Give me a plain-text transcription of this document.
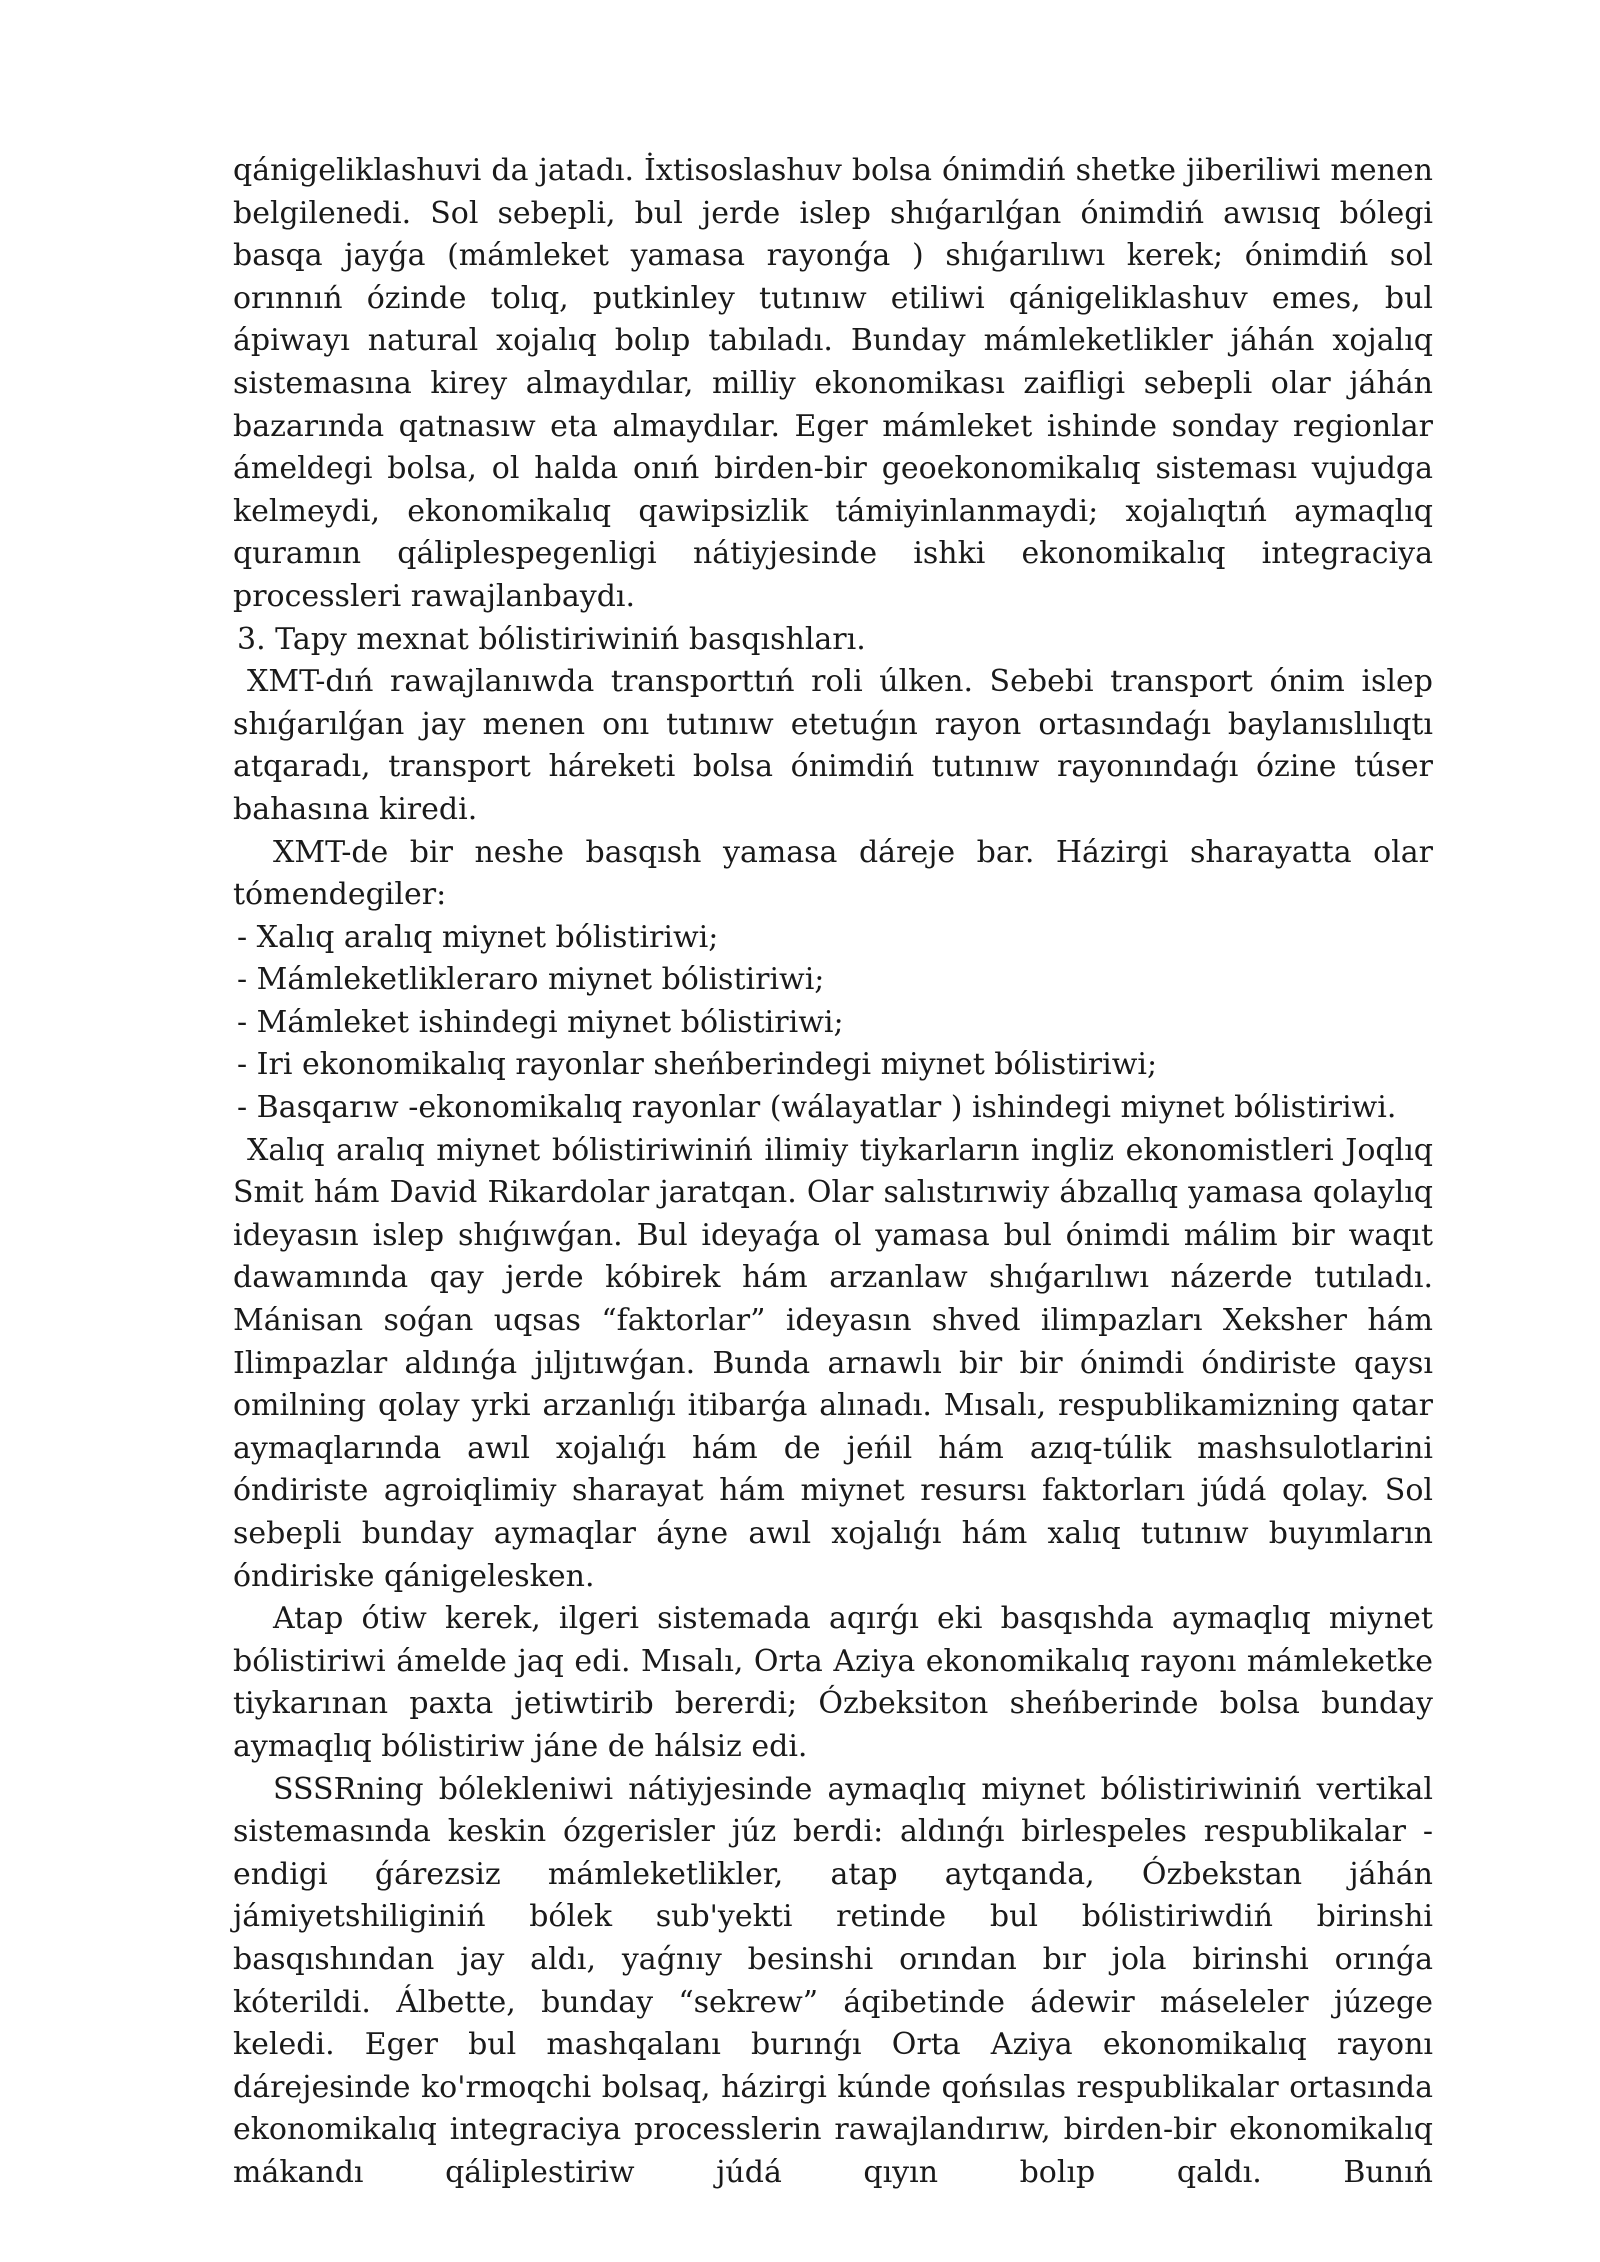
qánigeliklashuvi da jatadı. İxtisoslashuv bolsa ónimdiń shetke jiberiliwi menen belgilenedi. Sol sebepli, bul jerde islep shıǵarılǵan ónimdiń awısıq bólegi basqa jayǵa (mámleket yamasa rayonǵa ) shıǵarılıwı kerek; ónimdiń sol orınnıń ózinde tolıq, putkinley tutınıw etiliwi qánigeliklashuv emes, bul ápiwayı natural xojalıq bolıp tabıladı. Bunday mámleketlikler jáhán xojalıq sistemasına kirey almaydılar, milliy ekonomikası zaifligi sebepli olar jáhán bazarında qatnasıw eta almaydılar. Eger mámleket ishinde sonday regionlar ámeldegi bolsa, ol halda onıń birden-bir geoekonomikalıq sisteması vujudga kelmeydi, ekonomikalıq qawipsizlik támiyinlanmaydi; xojalıqtıń aymaqlıq quramın qáliplespegenligi nátiyjesinde ishki ekonomikalıq integraciya processleri rawajlanbaydı.

3. Tapy mexnat bólistiriwiniń basqıshları.

XMT-dıń rawajlanıwda transporttıń roli úlken. Sebebi transport ónim islep shıǵarılǵan jay menen onı tutınıw etetuǵın rayon ortasındaǵı baylanıslılıqtı atqaradı, transport háreketi bolsa ónimdiń tutınıw rayonındaǵı ózine túser bahasına kiredi.

XMT-de bir neshe basqısh yamasa dáreje bar. Házirgi sharayatta olar tómendegiler:

- Xalıq aralıq miynet bólistiriwi;
- Mámleketliklerаro miynet bólistiriwi;
- Mámleket ishindegi miynet bólistiriwi;
- Iri ekonomikalıq rayonlar sheńberindegi miynet bólistiriwi;
- Basqarıw -ekonomikalıq rayonlar (wálayatlar ) ishindegi miynet bólistiriwi.

Xalıq aralıq miynet bólistiriwiniń ilimiy tiykarların ingliz ekonomistleri Joqlıq Smit hám David Rikardolar jaratqan. Olar salıstırıwiy ábzallıq yamasa qolaylıq ideyasın islep shıǵıwǵan. Bul ideyaǵa ol yamasa bul ónimdi málim bir waqıt dawamında qay jerde kóbirek hám arzanlaw shıǵarılıwı názerde tutıladı. Mánisan soǵan uqsas “faktorlar” ideyasın shved ilimpazları Xeksher hám Ilimpazlar aldınǵa jıljıtıwǵan. Bunda arnawlı bir bir ónimdi óndiriste qaysı omilning qolay yrki arzanlıǵı itibarǵa alınadı. Mısalı, respublikamizning qatar aymaqlarında awıl xojalıǵı hám de jeńil hám azıq-túlik mashsulotlarini óndiriste agroiqlimiy sharayat hám miynet resursı faktorları júdá qolay. Sol sebepli bunday aymaqlar áyne awıl xojalıǵı hám xalıq tutınıw buyımların óndiriske qánigelesken.

Atap ótiw kerek, ilgeri sistemada aqırǵı eki basqıshda aymaqlıq miynet bólistiriwi ámelde jaq edi. Mısalı, Orta Aziya ekonomikalıq rayonı mámleketke tiykarınan paxta jetiwtirib bererdi; Ózbeksiton sheńberinde bolsa bunday aymaqlıq bólistiriw jáne de hálsiz edi.

SSSRning bólekleniwi nátiyjesinde aymaqlıq miynet bólistiriwiniń vertikal sistemasında keskin ózgerisler júz berdi: aldınǵı birlespeles respublikalar - endigi ǵárezsiz mámleketlikler, atap aytqanda, Ózbekstan jáhán jámiyetshiliginiń bólek sub'yekti retinde bul bólistiriwdiń birinshi basqıshından jay aldı, yaǵnıy besinshi orından bır jola birinshi orınǵa kóterildi. Álbette, bunday “sekrew” áqibetinde ádewir máseleler júzege keledi. Eger bul mashqalanı burınǵı Orta Aziya ekonomikalıq rayonı dárejesinde ko'rmoqchi bolsaq, házirgi kúnde qońsılas respublikalar ortasında ekonomikalıq integraciya processlerin rawajlandırıw, birden-bir ekonomikalıq mákandı qáliplestiriw júdá qıyın bolıp qaldı. Bunıń
